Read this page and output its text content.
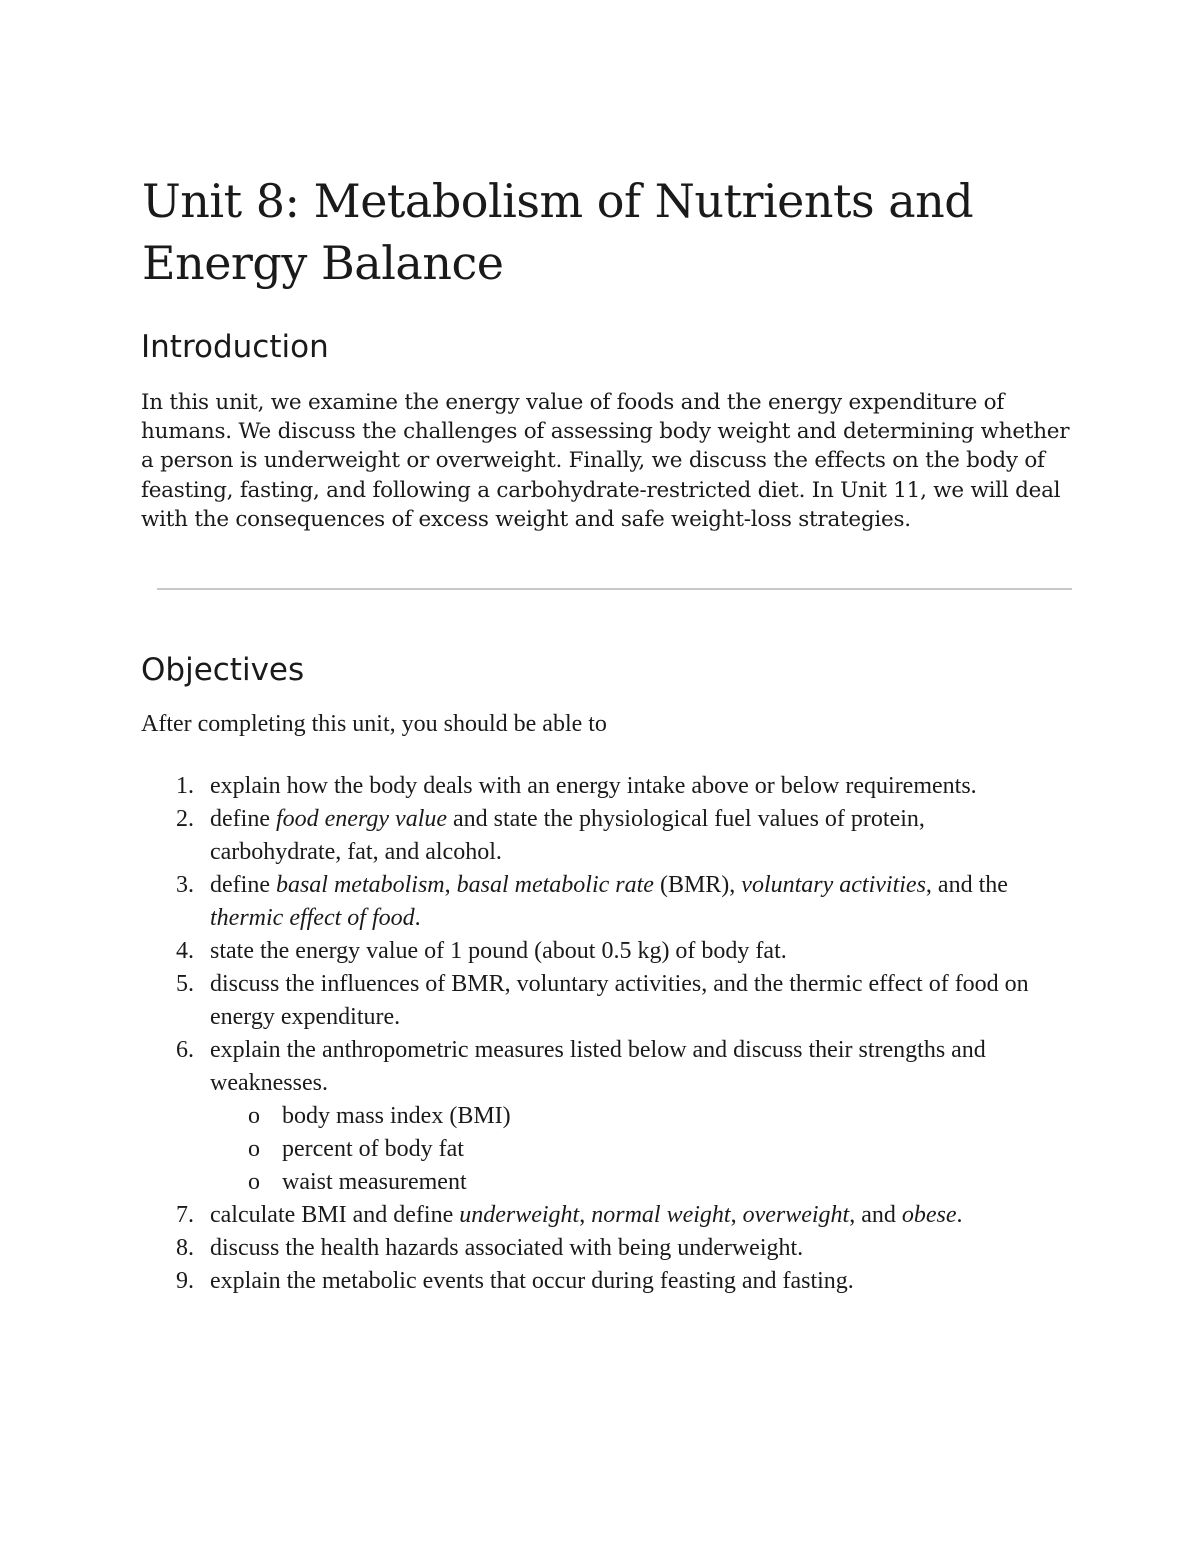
Unit 8: Metabolism of Nutrients and Energy Balance
Introduction

In this unit, we examine the energy value of foods and the energy expenditure of humans. We discuss the challenges of assessing body weight and determining whether a person is underweight or overweight. Finally, we discuss the effects on the body of feasting, fasting, and following a carbohydrate-restricted diet. In Unit 11, we will deal with the consequences of excess weight and safe weight-loss strategies.

Objectives

After completing this unit, you should be able to

1. explain how the body deals with an energy intake above or below requirements.
2. define food energy value and state the physiological fuel values of protein, carbohydrate, fat, and alcohol.
3. define basal metabolism, basal metabolic rate (BMR), voluntary activities, and the thermic effect of food.
4. state the energy value of 1 pound (about 0.5 kg) of body fat.
5. discuss the influences of BMR, voluntary activities, and the thermic effect of food on energy expenditure.
6. explain the anthropometric measures listed below and discuss their strengths and weaknesses.
o body mass index (BMI)
o percent of body fat
o waist measurement
7. calculate BMI and define underweight, normal weight, overweight, and obese.
8. discuss the health hazards associated with being underweight.
9. explain the metabolic events that occur during feasting and fasting.
